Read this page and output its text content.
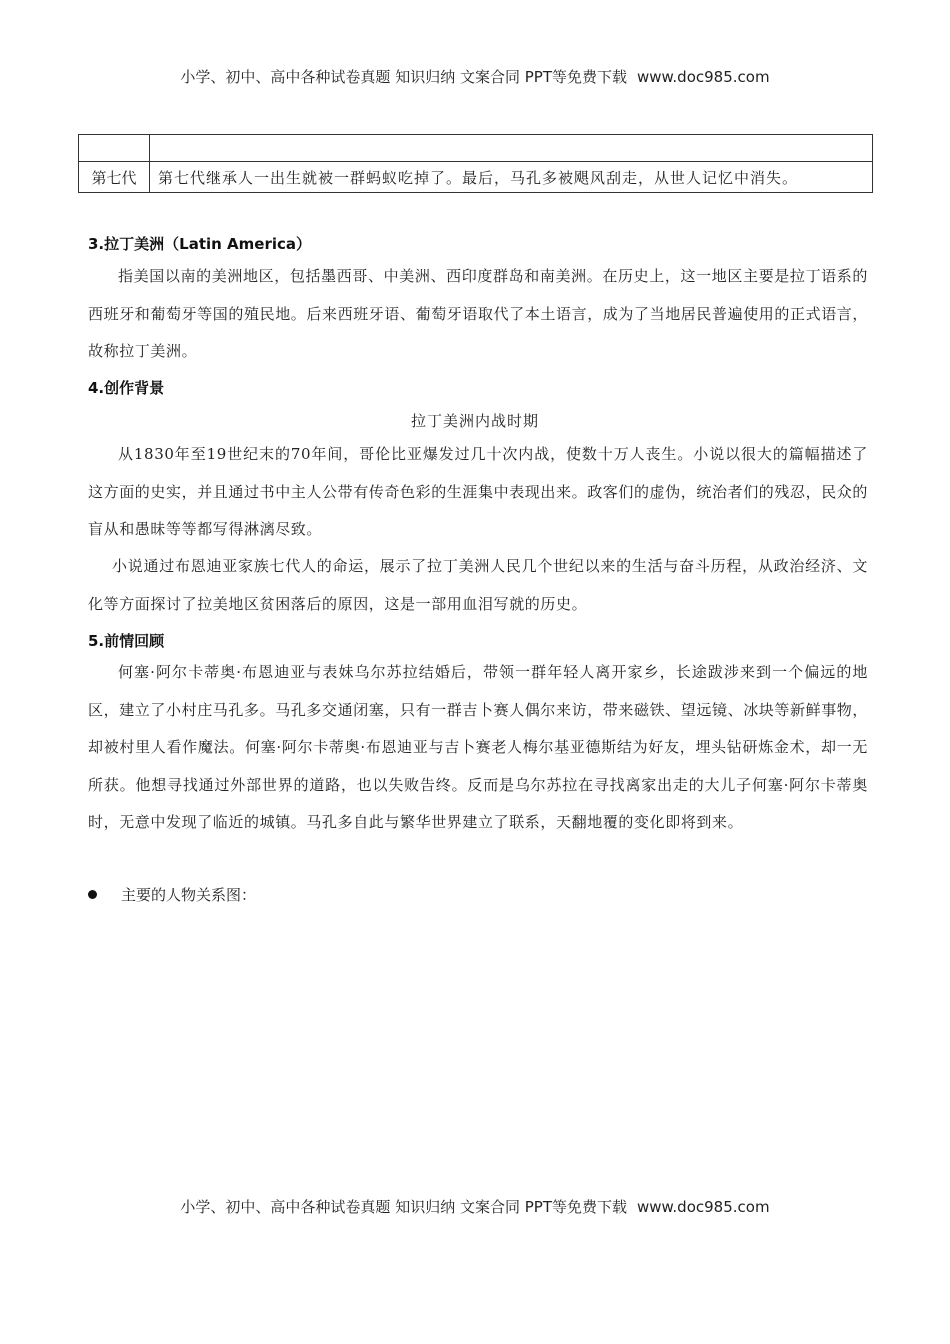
小学、初中、高中各种试卷真题 知识归纳 文案合同 PPT等免费下载 www.doc985.com

第七代	第七代继承人一出生就被一群蚂蚁吃掉了。最后，马孔多被飓风刮走，从世人记忆中消失。
3.拉丁美洲（Latin America）
指美国以南的美洲地区，包括墨西哥、中美洲、西印度群岛和南美洲。在历史上，这一地区主要是拉丁语系的西班牙和葡萄牙等国的殖民地。后来西班牙语、葡萄牙语取代了本土语言，成为了当地居民普遍使用的正式语言，故称拉丁美洲。
4.创作背景
拉丁美洲内战时期
从1830年至19世纪末的70年间，哥伦比亚爆发过几十次内战，使数十万人丧生。小说以很大的篇幅描述了这方面的史实，并且通过书中主人公带有传奇色彩的生涯集中表现出来。政客们的虚伪，统治者们的残忍，民众的盲从和愚昧等等都写得淋漓尽致。
小说通过布恩迪亚家族七代人的命运，展示了拉丁美洲人民几个世纪以来的生活与奋斗历程，从政治经济、文化等方面探讨了拉美地区贫困落后的原因，这是一部用血泪写就的历史。
5.前情回顾
何塞·阿尔卡蒂奥·布恩迪亚与表妹乌尔苏拉结婚后，带领一群年轻人离开家乡，长途跋涉来到一个偏远的地区，建立了小村庄马孔多。马孔多交通闭塞，只有一群吉卜赛人偶尔来访，带来磁铁、望远镜、冰块等新鲜事物，却被村里人看作魔法。何塞·阿尔卡蒂奥·布恩迪亚与吉卜赛老人梅尔基亚德斯结为好友，埋头钻研炼金术，却一无所获。他想寻找通过外部世界的道路，也以失败告终。反而是乌尔苏拉在寻找离家出走的大儿子何塞·阿尔卡蒂奥时，无意中发现了临近的城镇。马孔多自此与繁华世界建立了联系，天翻地覆的变化即将到来。
主要的人物关系图：
小学、初中、高中各种试卷真题 知识归纳 文案合同 PPT等免费下载 www.doc985.com
